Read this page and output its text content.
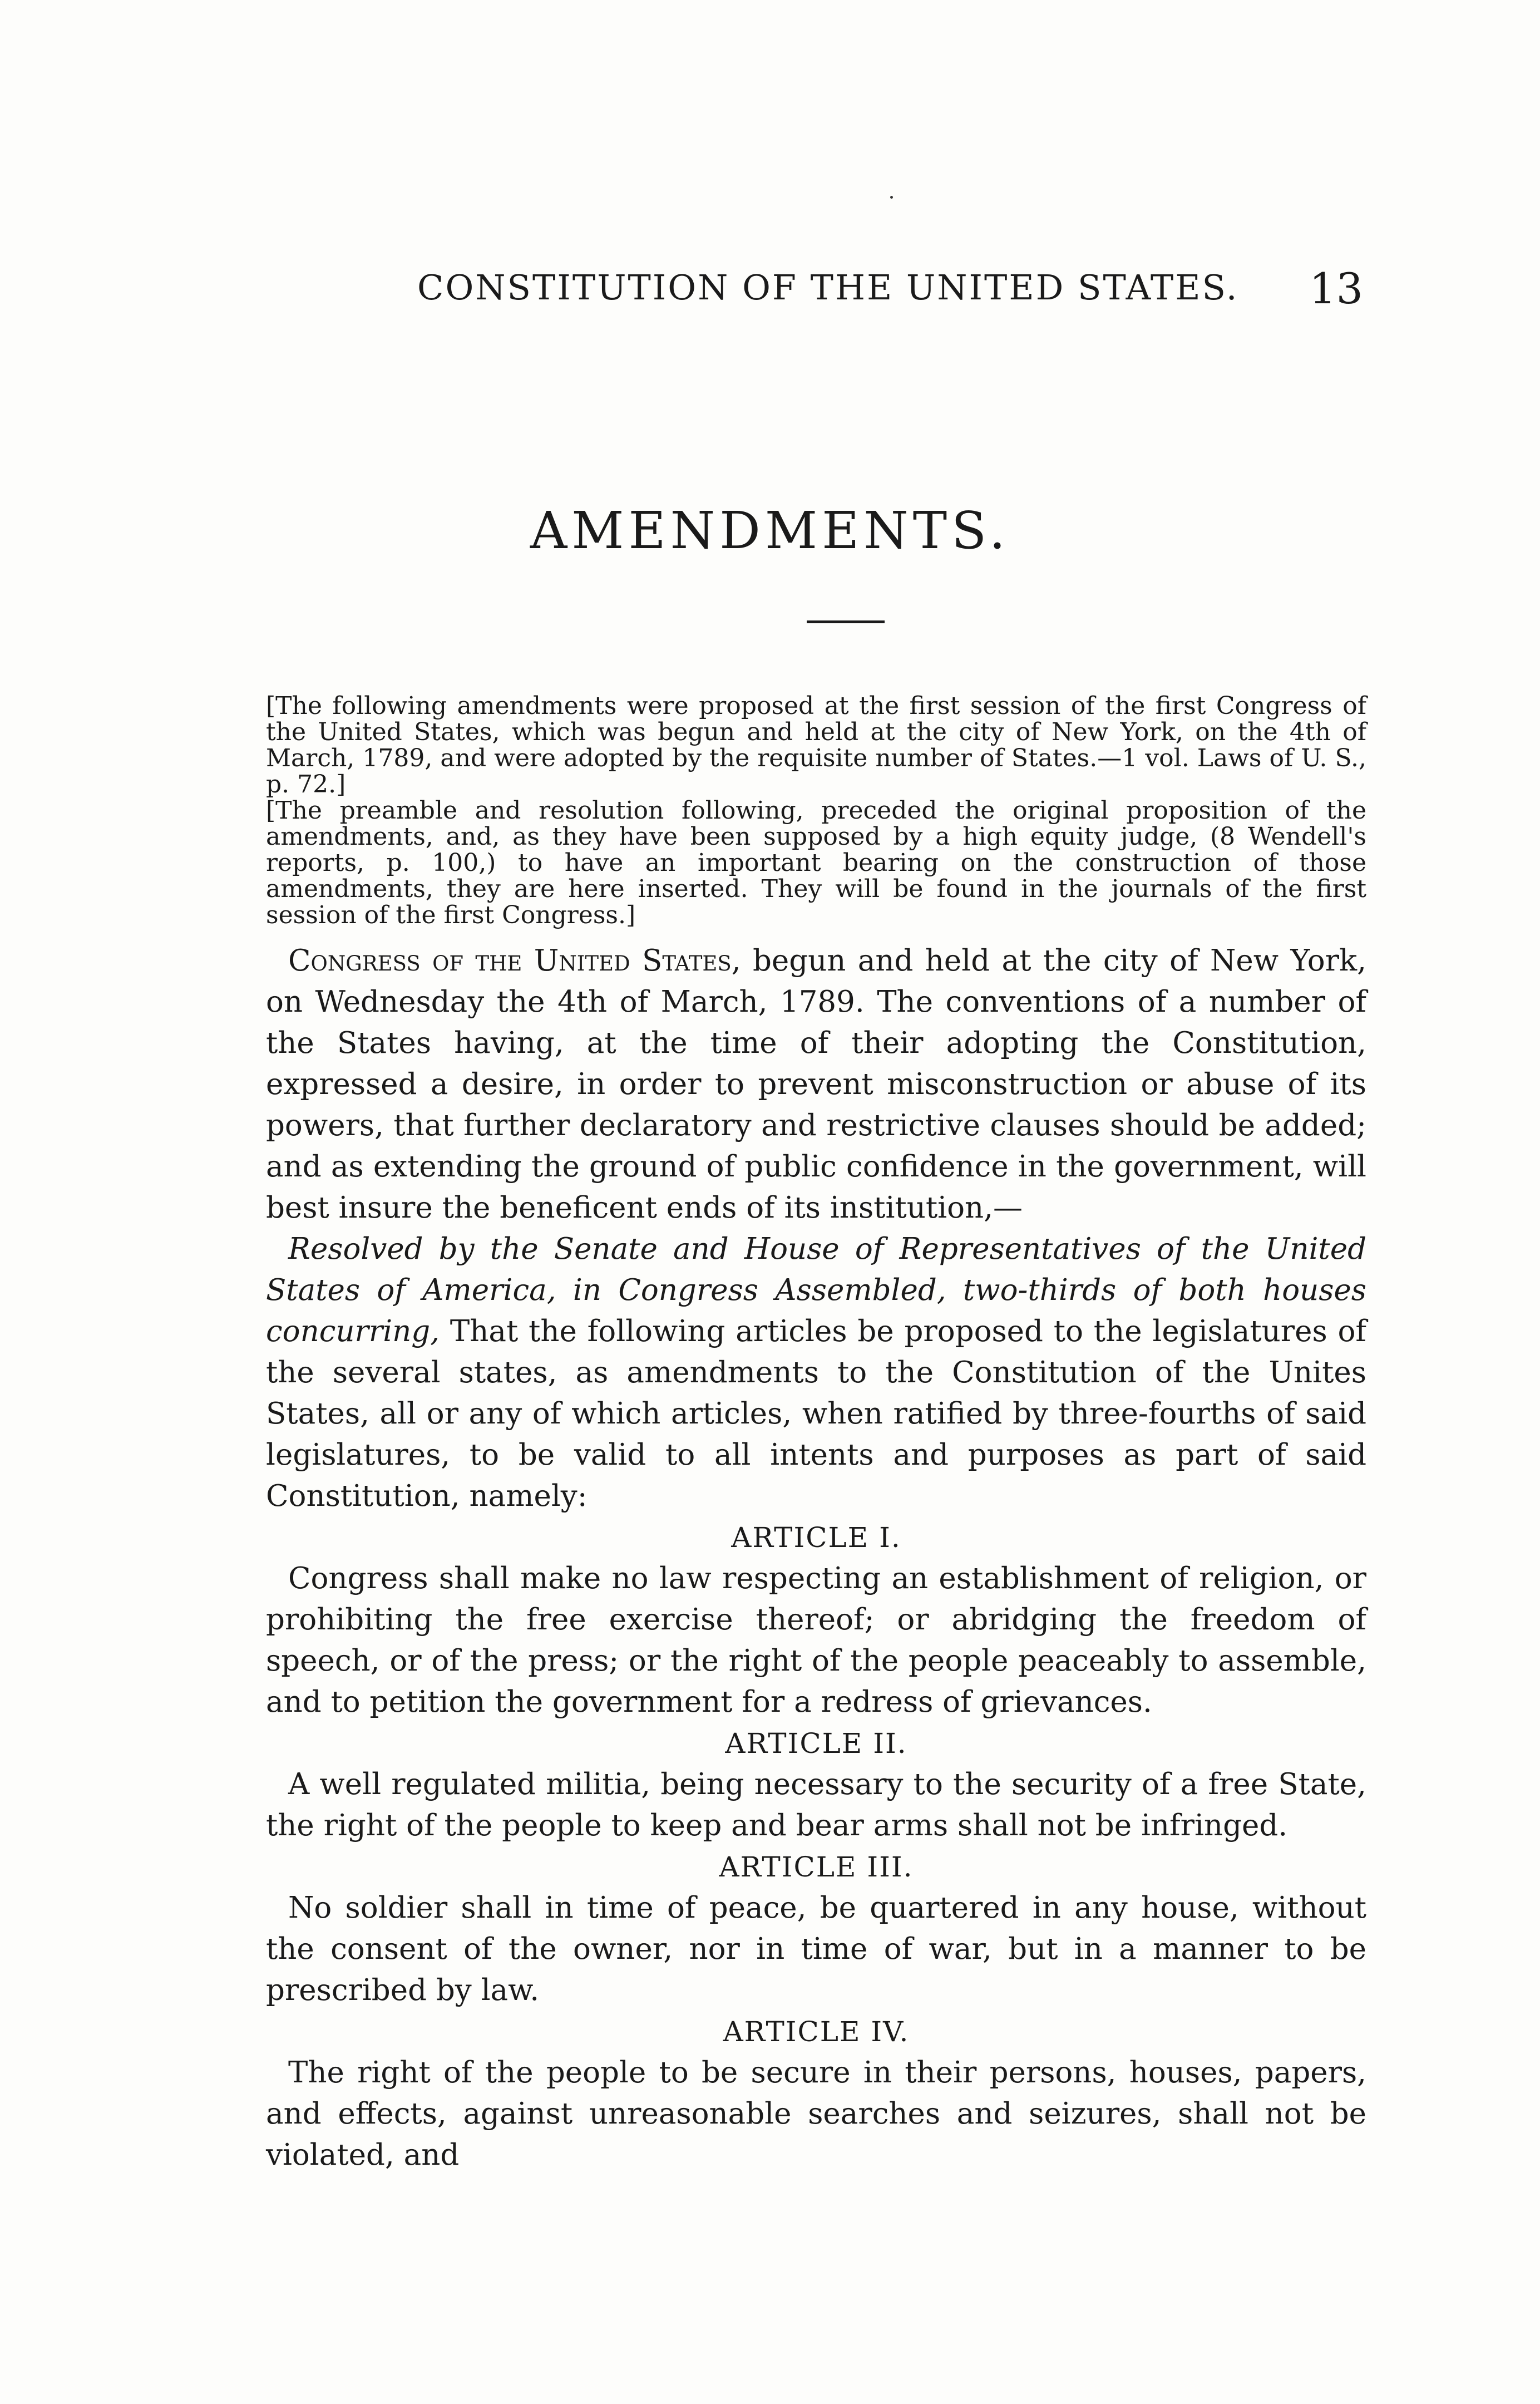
CONSTITUTION OF THE UNITED STATES. 13
AMENDMENTS.

[The following amendments were proposed at the first session of the first Congress of the United States, which was begun and held at the city of New York, on the 4th of March, 1789, and were adopted by the requisite number of States.—1 vol. Laws of U. S., p. 72.]

[The preamble and resolution following, preceded the original proposition of the amendments, and, as they have been supposed by a high equity judge, (8 Wendell's reports, p. 100,) to have an important bearing on the construction of those amendments, they are here inserted. They will be found in the journals of the first session of the first Congress.]

Congress of the United States, begun and held at the city of New York, on Wednesday the 4th of March, 1789. The conventions of a number of the States having, at the time of their adopting the Constitution, expressed a desire, in order to prevent misconstruction or abuse of its powers, that further declaratory and restrictive clauses should be added; and as extending the ground of public confidence in the government, will best insure the beneficent ends of its institution,—

Resolved by the Senate and House of Representatives of the United States of America, in Congress Assembled, two-thirds of both houses concurring, That the following articles be proposed to the legislatures of the several states, as amendments to the Constitution of the Unites States, all or any of which articles, when ratified by three-fourths of said legislatures, to be valid to all intents and purposes as part of said Constitution, namely:

ARTICLE I.

Congress shall make no law respecting an establishment of religion, or prohibiting the free exercise thereof; or abridging the freedom of speech, or of the press; or the right of the people peaceably to assemble, and to petition the government for a redress of grievances.

ARTICLE II.

A well regulated militia, being necessary to the security of a free State, the right of the people to keep and bear arms shall not be infringed.

ARTICLE III.

No soldier shall in time of peace, be quartered in any house, without the consent of the owner, nor in time of war, but in a manner to be prescribed by law.

ARTICLE IV.

The right of the people to be secure in their persons, houses, papers, and effects, against unreasonable searches and seizures, shall not be violated, and
